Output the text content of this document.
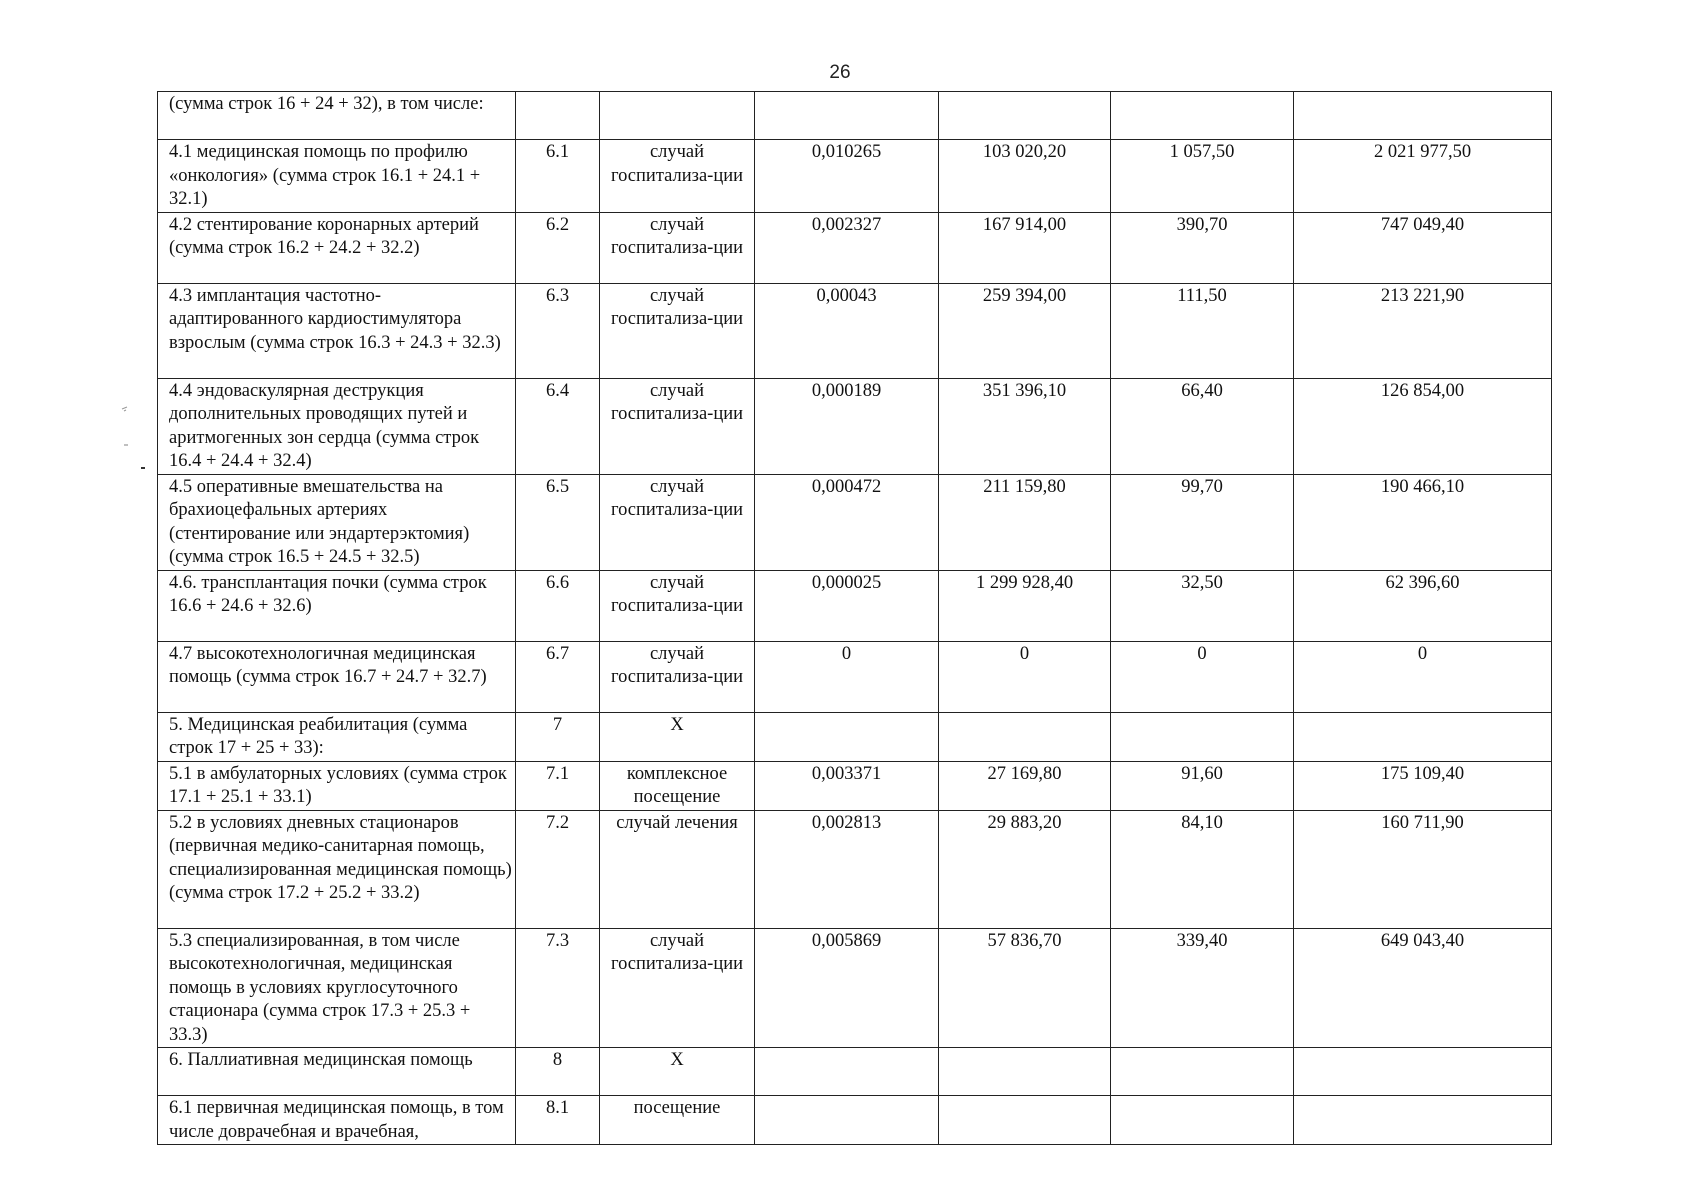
26
(сумма строк 16 + 24 + 32), в том числе:						
4.1 медицинская помощь по профилю «онкология» (сумма строк 16.1 + 24.1 + 32.1)	6.1	случай госпитализа-ции	0,010265	103 020,20	1 057,50	2 021 977,50
4.2 стентирование коронарных артерий (сумма строк 16.2 + 24.2 + 32.2)	6.2	случай госпитализа-ции	0,002327	167 914,00	390,70	747 049,40
4.3 имплантация частотно-адаптированного кардиостимулятора взрослым (сумма строк 16.3 + 24.3 + 32.3)	6.3	случай госпитализа-ции	0,00043	259 394,00	111,50	213 221,90
4.4 эндоваскулярная деструкция дополнительных проводящих путей и аритмогенных зон сердца (сумма строк 16.4 + 24.4 + 32.4)	6.4	случай госпитализа-ции	0,000189	351 396,10	66,40	126 854,00
4.5 оперативные вмешательства на брахиоцефальных артериях (стентирование или эндартерэктомия) (сумма строк 16.5 + 24.5 + 32.5)	6.5	случай госпитализа-ции	0,000472	211 159,80	99,70	190 466,10
4.6. трансплантация почки (сумма строк 16.6 + 24.6 + 32.6)	6.6	случай госпитализа-ции	0,000025	1 299 928,40	32,50	62 396,60
4.7 высокотехнологичная медицинская помощь (сумма строк 16.7 + 24.7 + 32.7)	6.7	случай госпитализа-ции	0	0	0	0
5. Медицинская реабилитация (сумма строк 17 + 25 + 33):	7	Х				
5.1 в амбулаторных условиях (сумма строк 17.1 + 25.1 + 33.1)	7.1	комплексное посещение	0,003371	27 169,80	91,60	175 109,40
5.2 в условиях дневных стационаров (первичная медико-санитарная помощь, специализированная медицинская помощь) (сумма строк 17.2 + 25.2 + 33.2)	7.2	случай лечения	0,002813	29 883,20	84,10	160 711,90
5.3 специализированная, в том числе высокотехнологичная, медицинская помощь в условиях круглосуточного стационара (сумма строк 17.3 + 25.3 + 33.3)	7.3	случай госпитализа-ции	0,005869	57 836,70	339,40	649 043,40
6. Паллиативная медицинская помощь	8	Х				
6.1 первичная медицинская помощь, в том числе доврачебная и врачебная,	8.1	посещение				
